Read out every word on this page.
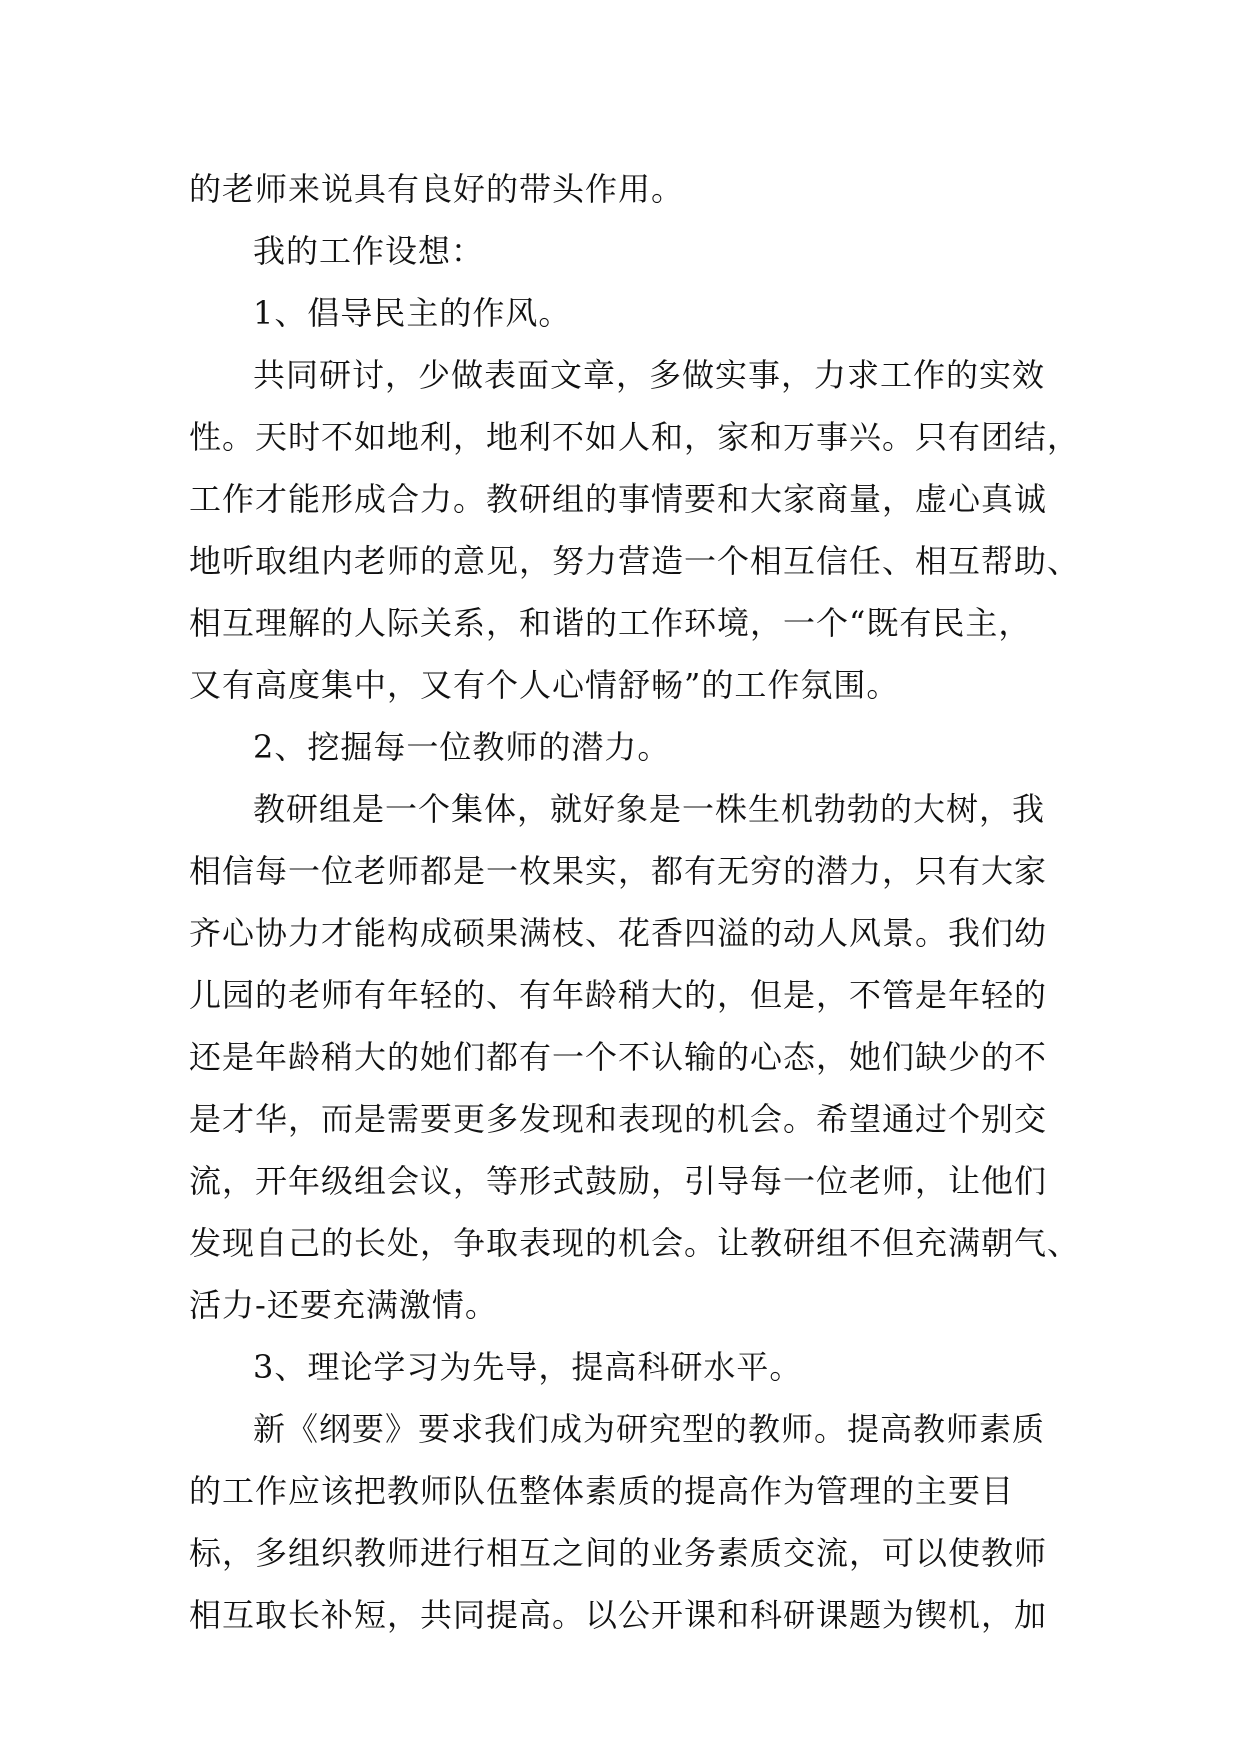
的老师来说具有良好的带头作用。
我的工作设想：
1、倡导民主的作风。
共同研讨，少做表面文章，多做实事，力求工作的实效
性。天时不如地利，地利不如人和，家和万事兴。只有团结，
工作才能形成合力。教研组的事情要和大家商量，虚心真诚
地听取组内老师的意见，努力营造一个相互信任、相互帮助、
相互理解的人际关系，和谐的工作环境，一个“既有民主，
又有高度集中，又有个人心情舒畅”的工作氛围。
2、挖掘每一位教师的潜力。
教研组是一个集体，就好象是一株生机勃勃的大树，我
相信每一位老师都是一枚果实，都有无穷的潜力，只有大家
齐心协力才能构成硕果满枝、花香四溢的动人风景。我们幼
儿园的老师有年轻的、有年龄稍大的，但是，不管是年轻的
还是年龄稍大的她们都有一个不认输的心态，她们缺少的不
是才华，而是需要更多发现和表现的机会。希望通过个别交
流，开年级组会议，等形式鼓励，引导每一位老师，让他们
发现自己的长处，争取表现的机会。让教研组不但充满朝气、
活力-还要充满激情。
3、理论学习为先导，提高科研水平。
新《纲要》要求我们成为研究型的教师。提高教师素质
的工作应该把教师队伍整体素质的提高作为管理的主要目
标，多组织教师进行相互之间的业务素质交流，可以使教师
相互取长补短，共同提高。以公开课和科研课题为锲机，加
